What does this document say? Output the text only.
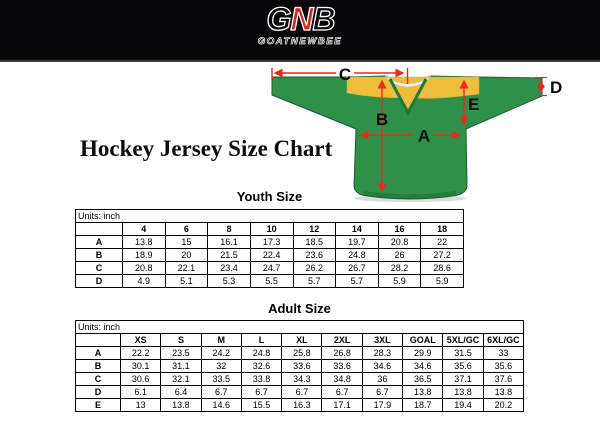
GNB
GOATNEWBEE
C
B
A
E
D
Hockey Jersey Size Chart
Youth Size
Units: inch								
	4	6	8	10	12	14	16	18
A	13.8	15	16.1	17.3	18.5	19.7	20.8	22
B	18.9	20	21.5	22.4	23.6	24.8	26	27.2
C	20.8	22.1	23.4	24.7	26.2	26.7	28.2	28.6
D	4.9	5.1	5.3	5.5	5.7	5.7	5.9	5.9
Adult Size
Units: inch										
	XS	S	M	L	XL	2XL	3XL	GOAL	5XL/GC	6XL/GC
A	22.2	23.5	24.2	24.8	25.8	26.8	28.3	29.9	31.5	33
B	30.1	31.1	32	32.6	33.6	33.6	34.6	34.6	35.6	35.6
C	30.6	32.1	33.5	33.8	34.3	34.8	36	36.5	37.1	37.6
D	6.1	6.4	6.7	6.7	6.7	6.7	6.7	13.8	13.8	13.8
E	13	13.8	14.6	15.5	16.3	17.1	17.9	18.7	19.4	20.2
